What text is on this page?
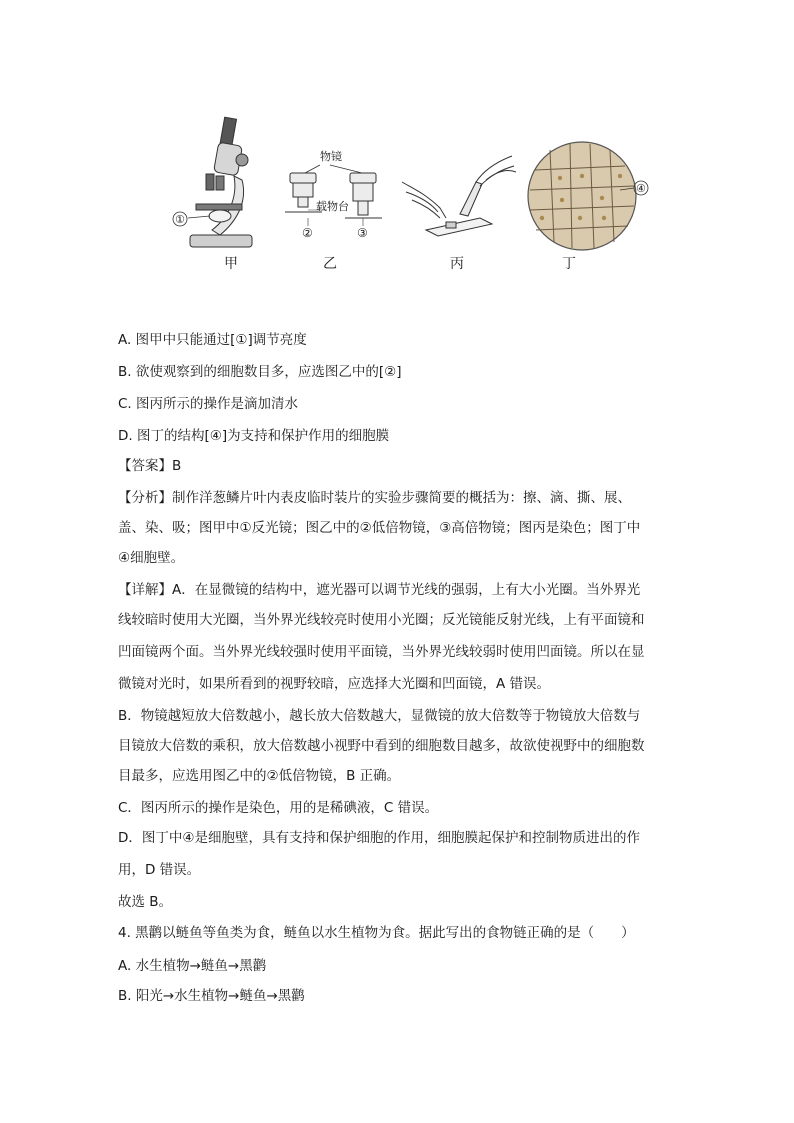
①
物镜
载物台
②	③
④
甲	乙	丙	丁
A. 图甲中只能通过[①]调节亮度
B. 欲使观察到的细胞数目多，应选图乙中的[②]
C. 图丙所示的操作是滴加清水
D. 图丁的结构[④]为支持和保护作用的细胞膜
【答案】B
【分析】制作洋葱鳞片叶内表皮临时装片的实验步骤简要的概括为：擦、滴、撕、展、
盖、染、吸；图甲中①反光镜；图乙中的②低倍物镜，③高倍物镜；图丙是染色；图丁中
④细胞壁。
【详解】A．在显微镜的结构中，遮光器可以调节光线的强弱，上有大小光圈。当外界光
线较暗时使用大光圈，当外界光线较亮时使用小光圈；反光镜能反射光线，上有平面镜和
凹面镜两个面。当外界光线较强时使用平面镜，当外界光线较弱时使用凹面镜。所以在显
微镜对光时，如果所看到的视野较暗，应选择大光圈和凹面镜，A 错误。
B．物镜越短放大倍数越小，越长放大倍数越大，显微镜的放大倍数等于物镜放大倍数与
目镜放大倍数的乘积，放大倍数越小视野中看到的细胞数目越多，故欲使视野中的细胞数
目最多，应选用图乙中的②低倍物镜，B 正确。
C．图丙所示的操作是染色，用的是稀碘液，C 错误。
D．图丁中④是细胞壁，具有支持和保护细胞的作用，细胞膜起保护和控制物质进出的作
用，D 错误。
故选 B。
4. 黑鹳以鲢鱼等鱼类为食，鲢鱼以水生植物为食。据此写出的食物链正确的是（　　）
A. 水生植物→鲢鱼→黑鹳
B. 阳光→水生植物→鲢鱼→黑鹳
